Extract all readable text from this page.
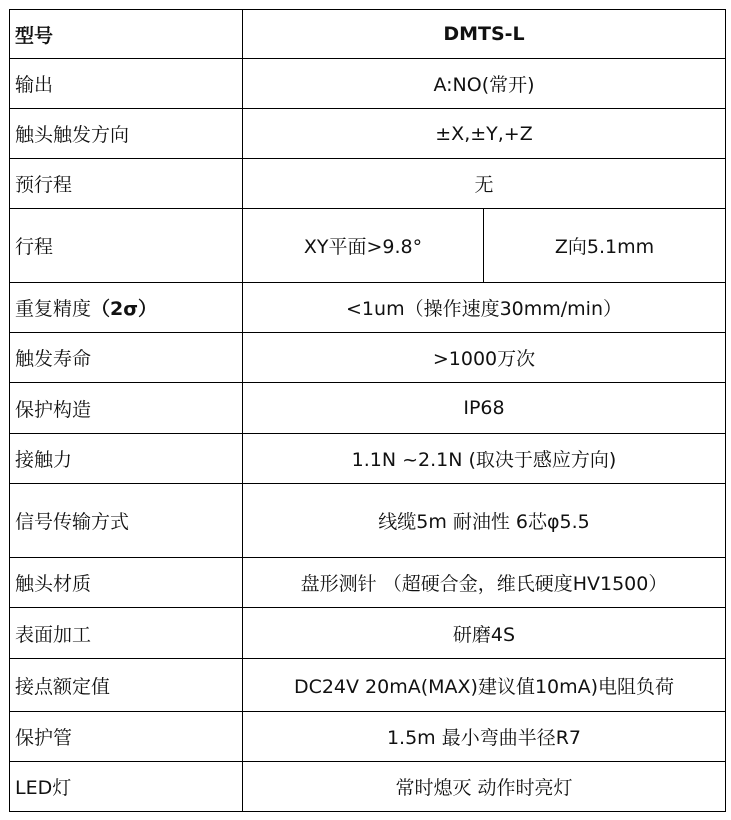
型号	DMTS-L	
输出	A:NO(常开)	
触头触发方向	±X,±Y,+Z	
预行程	无	
行程	XY平面>9.8°	Z向5.1mm
重复精度（2σ）	<1um（操作速度30mm/min）	
触发寿命	>1000万次	
保护构造	IP68	
接触力	1.1N ~2.1N (取决于感应方向)	
信号传输方式	线缆5m 耐油性 6芯φ5.5	
触头材质	盘形测针 （超硬合金，维氏硬度HV1500）	
表面加工	研磨4S	
接点额定值	DC24V 20mA(MAX)建议值10mA)电阻负荷	
保护管	1.5m 最小弯曲半径R7	
LED灯	常时熄灭 动作时亮灯	
